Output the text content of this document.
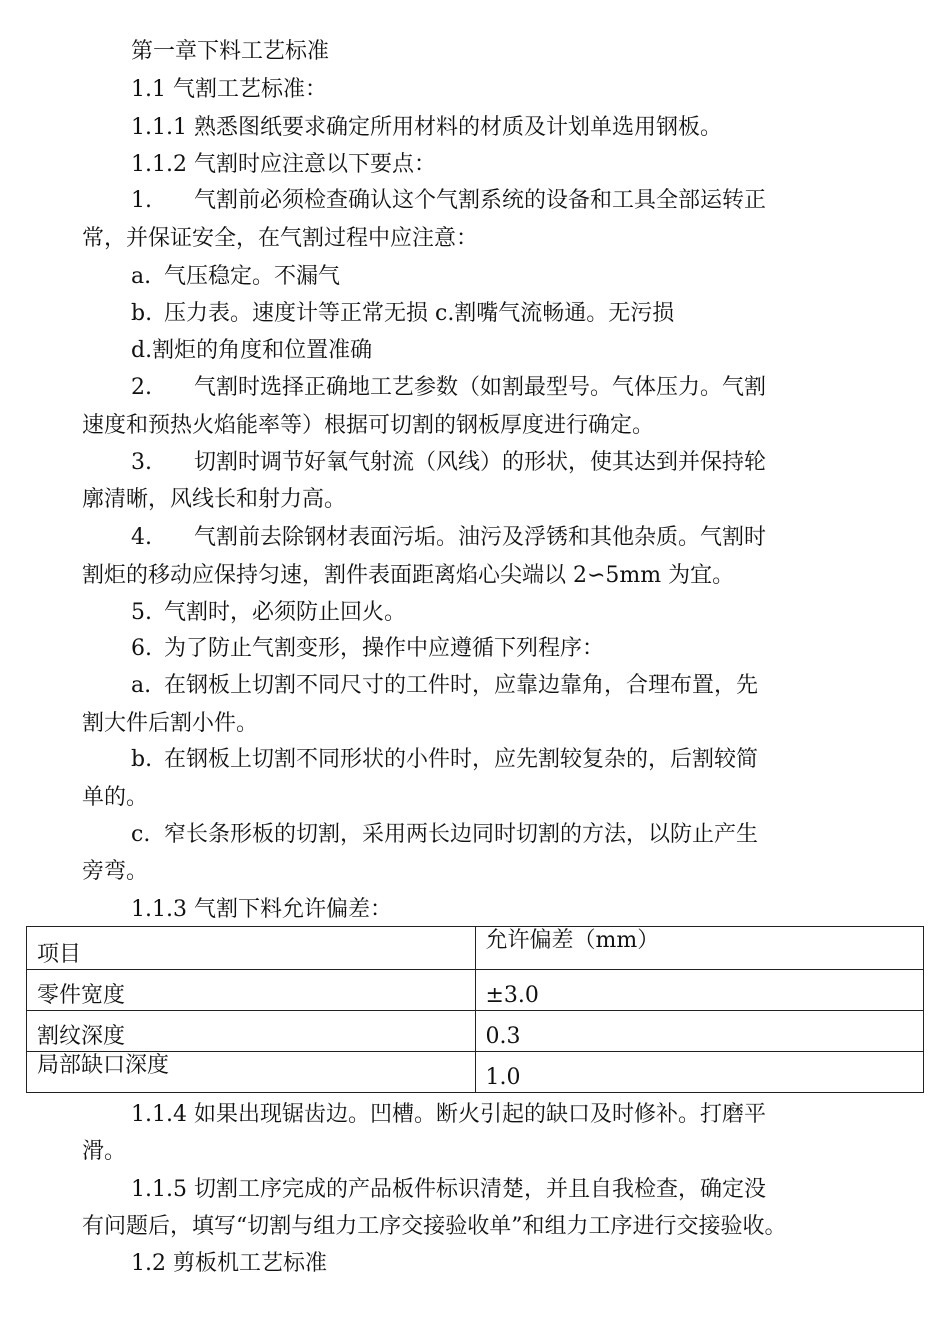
第一章下料工艺标准
1.1 气割工艺标准：
1.1.1 熟悉图纸要求确定所用材料的材质及计划单选用钢板。
1.1.2 气割时应注意以下要点：
1. 气割前必须检查确认这个气割系统的设备和工具全部运转正
常，并保证安全，在气割过程中应注意：
a. 气压稳定。不漏气
b. 压力表。速度计等正常无损 c.割嘴气流畅通。无污损
d.割炬的角度和位置准确
2. 气割时选择正确地工艺参数（如割最型号。气体压力。气割
速度和预热火焰能率等）根据可切割的钢板厚度进行确定。
3. 切割时调节好氧气射流（风线）的形状，使其达到并保持轮
廓清晰，风线长和射力高。
4. 气割前去除钢材表面污垢。油污及浮锈和其他杂质。气割时
割炬的移动应保持匀速，割件表面距离焰心尖端以 2∽5mm 为宜。
5. 气割时，必须防止回火。
6. 为了防止气割变形，操作中应遵循下列程序：
a. 在钢板上切割不同尺寸的工件时，应靠边靠角，合理布置，先
割大件后割小件。
b. 在钢板上切割不同形状的小件时，应先割较复杂的，后割较简
单的。
c. 窄长条形板的切割，采用两长边同时切割的方法，以防止产生
旁弯。
1.1.3 气割下料允许偏差：
项目	允许偏差（mm）
零件宽度	±3.0
割纹深度	0.3
局部缺口深度	1.0
1.1.4 如果出现锯齿边。凹槽。断火引起的缺口及时修补。打磨平
滑。
1.1.5 切割工序完成的产品板件标识清楚，并且自我检查，确定没
有问题后，填写“切割与组力工序交接验收单”和组力工序进行交接验收。
1.2 剪板机工艺标准
